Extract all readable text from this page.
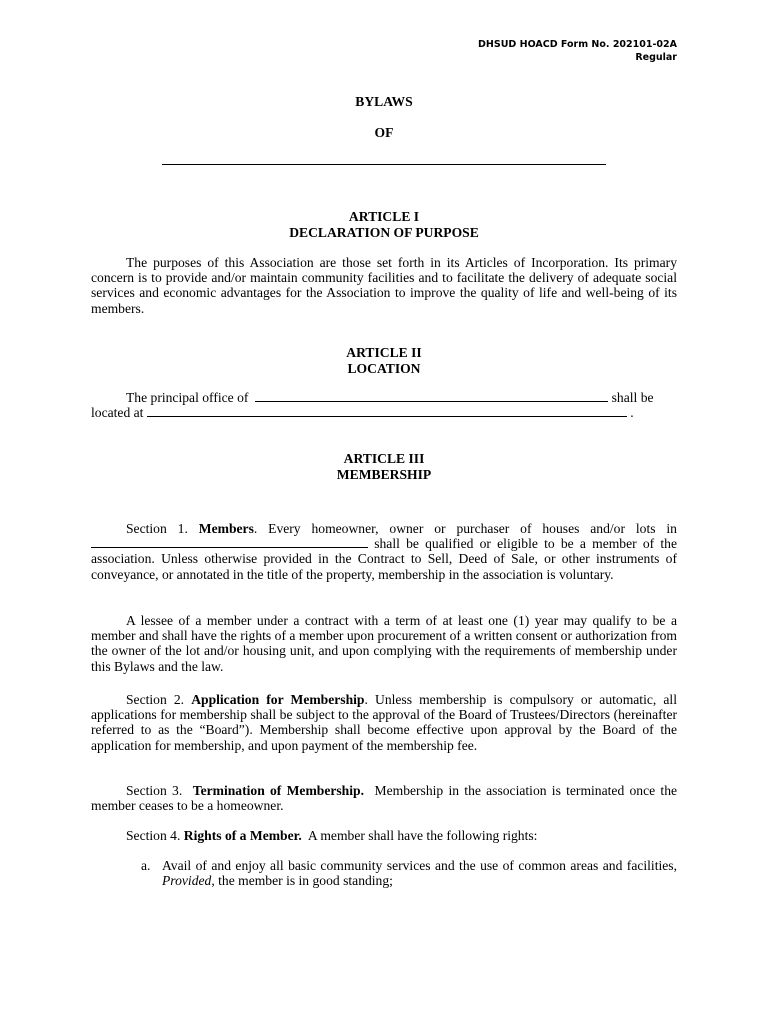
DHSUD HOACD Form No. 202101-02A
Regular
BYLAWS
OF
ARTICLE I
DECLARATION OF PURPOSE
The purposes of this Association are those set forth in its Articles of Incorporation. Its primary concern is to provide and/or maintain community facilities and to facilitate the delivery of adequate social services and economic advantages for the Association to improve the quality of life and well-being of its members.
ARTICLE II
LOCATION
The principal office of	shall be located at	.
ARTICLE III
MEMBERSHIP
Section 1. Members. Every homeowner, owner or purchaser of houses and/or lots in  shall be qualified or eligible to be a member of the association. Unless otherwise provided in the Contract to Sell, Deed of Sale, or other instruments of conveyance, or annotated in the title of the property, membership in the association is voluntary.
A lessee of a member under a contract with a term of at least one (1) year may qualify to be a member and shall have the rights of a member upon procurement of a written consent or authorization from the owner of the lot and/or housing unit, and upon complying with the requirements of membership under this Bylaws and the law.
Section 2. Application for Membership. Unless membership is compulsory or automatic, all applications for membership shall be subject to the approval of the Board of Trustees/Directors (hereinafter referred to as the “Board”). Membership shall become effective upon approval by the Board of the application for membership, and upon payment of the membership fee.
Section 3. Termination of Membership. Membership in the association is terminated once the member ceases to be a homeowner.
Section 4. Rights of a Member. A member shall have the following rights:
a. Avail of and enjoy all basic community services and the use of common areas and facilities, Provided, the member is in good standing;
